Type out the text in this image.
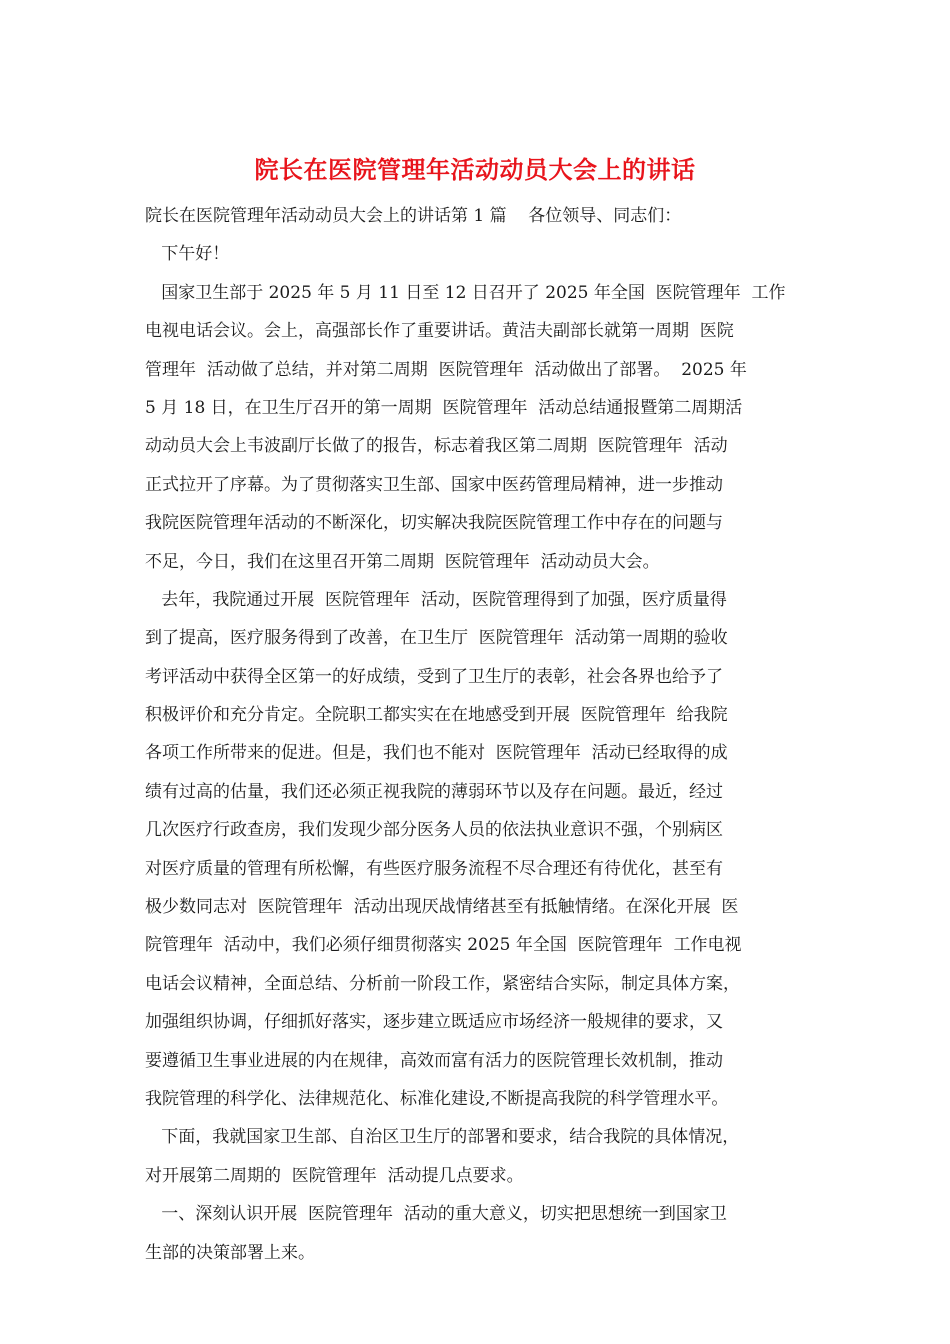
院长在医院管理年活动动员大会上的讲话
院长在医院管理年活动动员大会上的讲话第 1 篇    各位领导、同志们：
下午好！
国家卫生部于 2025 年 5 月 11 日至 12 日召开了 2025 年全国  医院管理年  工作
电视电话会议。会上，高强部长作了重要讲话。黄洁夫副部长就第一周期  医院
管理年  活动做了总结，并对第二周期  医院管理年  活动做出了部署。  2025 年
5 月 18 日，在卫生厅召开的第一周期  医院管理年  活动总结通报暨第二周期活
动动员大会上韦波副厅长做了的报告，标志着我区第二周期  医院管理年  活动
正式拉开了序幕。为了贯彻落实卫生部、国家中医药管理局精神，进一步推动
我院医院管理年活动的不断深化，切实解决我院医院管理工作中存在的问题与
不足，今日，我们在这里召开第二周期  医院管理年  活动动员大会。
去年，我院通过开展  医院管理年  活动，医院管理得到了加强，医疗质量得
到了提高，医疗服务得到了改善，在卫生厅  医院管理年  活动第一周期的验收
考评活动中获得全区第一的好成绩，受到了卫生厅的表彰，社会各界也给予了
积极评价和充分肯定。全院职工都实实在在地感受到开展  医院管理年  给我院
各项工作所带来的促进。但是，我们也不能对  医院管理年  活动已经取得的成
绩有过高的估量，我们还必须正视我院的薄弱环节以及存在问题。最近，经过
几次医疗行政查房，我们发现少部分医务人员的依法执业意识不强，个别病区
对医疗质量的管理有所松懈，有些医疗服务流程不尽合理还有待优化，甚至有
极少数同志对  医院管理年  活动出现厌战情绪甚至有抵触情绪。在深化开展  医
院管理年  活动中，我们必须仔细贯彻落实 2025 年全国  医院管理年  工作电视
电话会议精神，全面总结、分析前一阶段工作，紧密结合实际，制定具体方案，
加强组织协调，仔细抓好落实，逐步建立既适应市场经济一般规律的要求，又
要遵循卫生事业进展的内在规律，高效而富有活力的医院管理长效机制，推动
我院管理的科学化、法律规范化、标准化建设,不断提高我院的科学管理水平。
下面，我就国家卫生部、自治区卫生厅的部署和要求，结合我院的具体情况，
对开展第二周期的  医院管理年  活动提几点要求。
一、深刻认识开展  医院管理年  活动的重大意义，切实把思想统一到国家卫
生部的决策部署上来。
